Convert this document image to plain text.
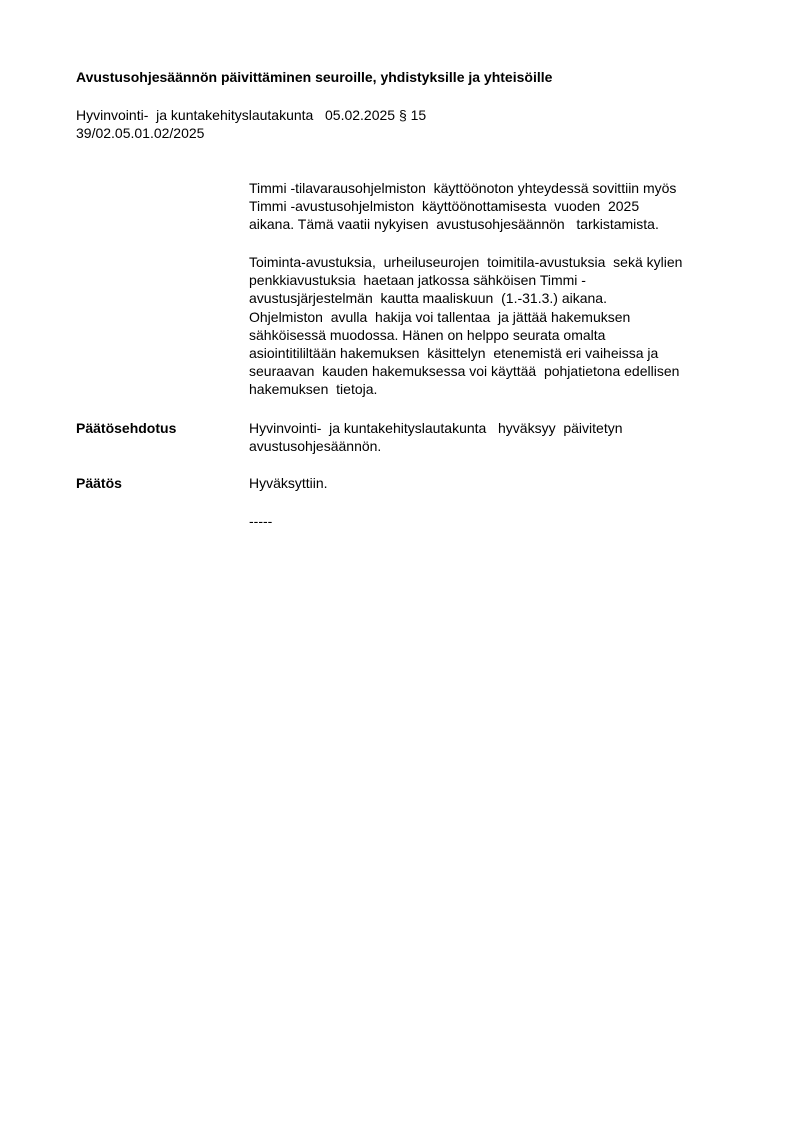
Avustusohjesäännön päivittäminen seuroille, yhdistyksille ja yhteisöille
Hyvinvointi-  ja kuntakehityslautakunta   05.02.2025 § 15
39/02.05.01.02/2025
Timmi -tilavarausohjelmiston  käyttöönoton yhteydessä sovittiin myös
Timmi -avustusohjelmiston  käyttöönottamisesta  vuoden  2025
aikana. Tämä vaatii nykyisen  avustusohjesäännön   tarkistamista.
Toiminta-avustuksia,  urheiluseurojen  toimitila-avustuksia  sekä kylien
penkkiavustuksia  haetaan jatkossa sähköisen Timmi -
avustusjärjestelmän  kautta maaliskuun  (1.-31.3.) aikana.
Ohjelmiston  avulla  hakija voi tallentaa  ja jättää hakemuksen
sähköisessä muodossa. Hänen on helppo seurata omalta
asiointitililtään hakemuksen  käsittelyn  etenemistä eri vaiheissa ja
seuraavan  kauden hakemuksessa voi käyttää  pohjatietona edellisen
hakemuksen  tietoja.
Päätösehdotus	Hyvinvointi-  ja kuntakehityslautakunta   hyväksyy  päivitetyn
avustusohjesäännön.
Päätös	Hyväksyttiin.
-----
